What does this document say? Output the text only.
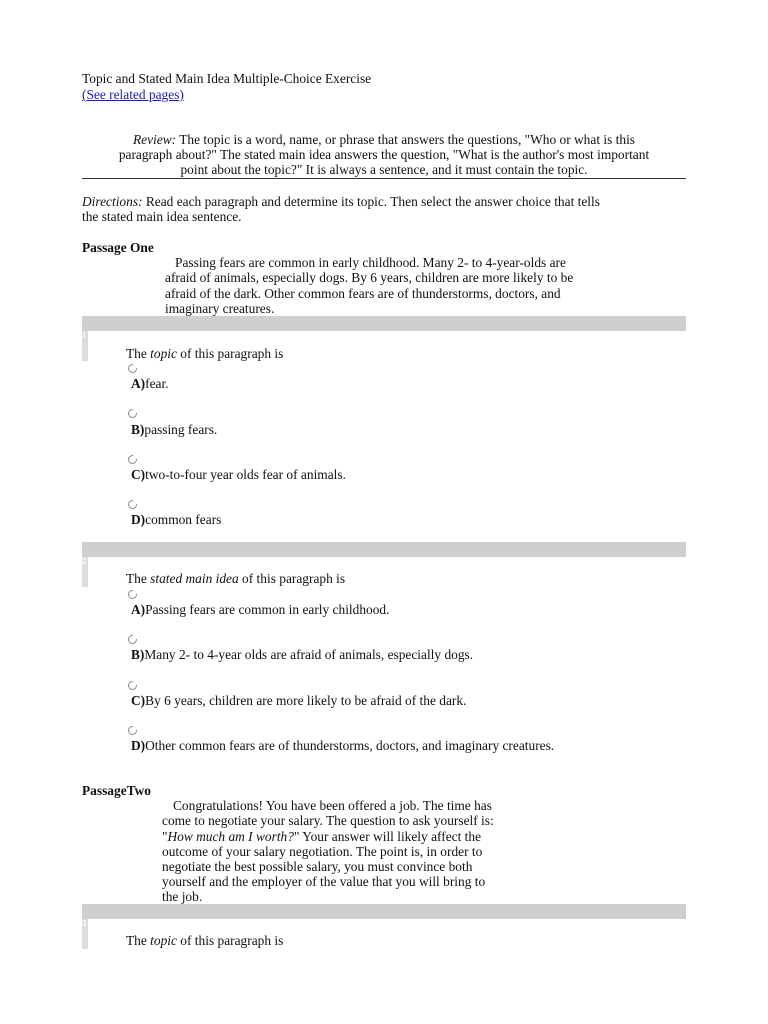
Topic and Stated Main Idea Multiple-Choice Exercise
(See related pages)
Review: The topic is a word, name, or phrase that answers the questions, "Who or what is this
paragraph about?" The stated main idea answers the question, "What is the author's most important
point about the topic?" It is always a sentence, and it must contain the topic.
Directions: Read each paragraph and determine its topic. Then select the answer choice that tells
the stated main idea sentence.
Passage One
Passing fears are common in early childhood. Many 2- to 4-year-olds are
afraid of animals, especially dogs. By 6 years, children are more likely to be
afraid of the dark. Other common fears are of thunderstorms, doctors, and
imaginary creatures.
1
The topic of this paragraph is
A)fear.
B)passing fears.
C)two-to-four year olds fear of animals.
D)common fears
2
The stated main idea of this paragraph is
A)Passing fears are common in early childhood.
B)Many 2- to 4-year olds are afraid of animals, especially dogs.
C)By 6 years, children are more likely to be afraid of the dark.
D)Other common fears are of thunderstorms, doctors, and imaginary creatures.
PassageTwo
Congratulations! You have been offered a job. The time has
come to negotiate your salary. The question to ask yourself is:
"How much am I worth?" Your answer will likely affect the
outcome of your salary negotiation. The point is, in order to
negotiate the best possible salary, you must convince both
yourself and the employer of the value that you will bring to
the job.
3
The topic of this paragraph is
